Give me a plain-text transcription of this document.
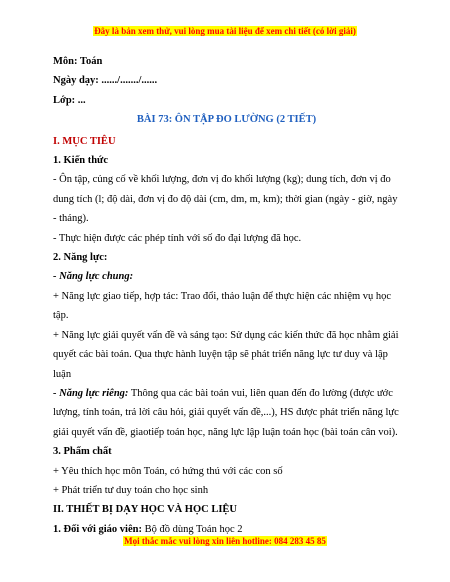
Đây là bản xem thử, vui lòng mua tài liệu để xem chi tiết (có lời giải)

Môn: Toán

Ngày dạy: ....../......./......

Lớp: ...

BÀI 73: ÔN TẬP ĐO LƯỜNG (2 TIẾT)

I. MỤC TIÊU

1. Kiến thức

- Ôn tập, củng cố về khối lượng, đơn vị đo khối lượng (kg); dung tích, đơn vị đo dung tích (l; độ dài, đơn vị đo độ dài (cm, dm, m, km); thời gian (ngày - giờ, ngày - tháng).

- Thực hiện được các phép tính với số đo đại lượng đã học.

2. Năng lực:

- Năng lực chung:

+ Năng lực giao tiếp, hợp tác: Trao đổi, thảo luận để thực hiện các nhiệm vụ học tập.

+ Năng lực giải quyết vấn đề và sáng tạo: Sử dụng các kiến thức đã học nhằm giải quyết các bài toán. Qua thực hành luyện tập sẽ phát triển năng lực tư duy và lập luận

- Năng lực riêng: Thông qua các bài toán vui, liên quan đến đo lường (được ước lượng, tính toán, trả lời câu hỏi, giải quyết vấn đề,...), HS được phát triển năng lực giải quyết vấn đề, giaotiếp toán học, năng lực lập luận toán học (bài toán cân voi).

3. Phẩm chất

+ Yêu thích học môn Toán, có hứng thú với các con số

+ Phát triển tư duy toán cho học sinh

II. THIẾT BỊ DẠY HỌC VÀ HỌC LIỆU

1. Đối với giáo viên: Bộ đồ dùng Toán học 2

Mọi thắc mắc vui lòng xin liên hotline: 084 283 45 85
